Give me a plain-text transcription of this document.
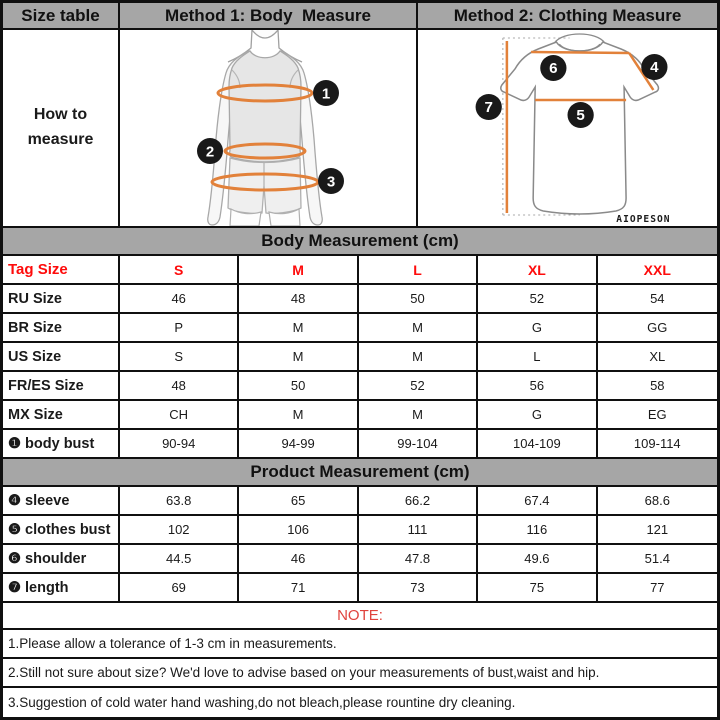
Size table	Method 1: Body  Measure	Method 2: Clothing Measure
How to measure
1
2
3
6	4
7	5
AIOPESON
Body Measurement (cm)
Tag Size	S	M	L	XL	XXL
RU Size	46	48	50	52	54
BR Size	P	M	M	G	GG
US Size	S	M	M	L	XL
FR/ES Size	48	50	52	56	58
MX Size	CH	M	M	G	EG
❶ body bust	90-94	94-99	99-104	104-109	109-114
Product Measurement (cm)
❹ sleeve	63.8	65	66.2	67.4	68.6
❺ clothes bust	102	106	111	116	121
❻ shoulder	44.5	46	47.8	49.6	51.4
❼ length	69	71	73	75	77
NOTE:
1.Please allow a tolerance of 1-3 cm in measurements.
2.Still not sure about size? We'd love to advise based on your measurements of bust,waist and hip.
3.Suggestion of cold water hand washing,do not bleach,please rountine dry cleaning.
